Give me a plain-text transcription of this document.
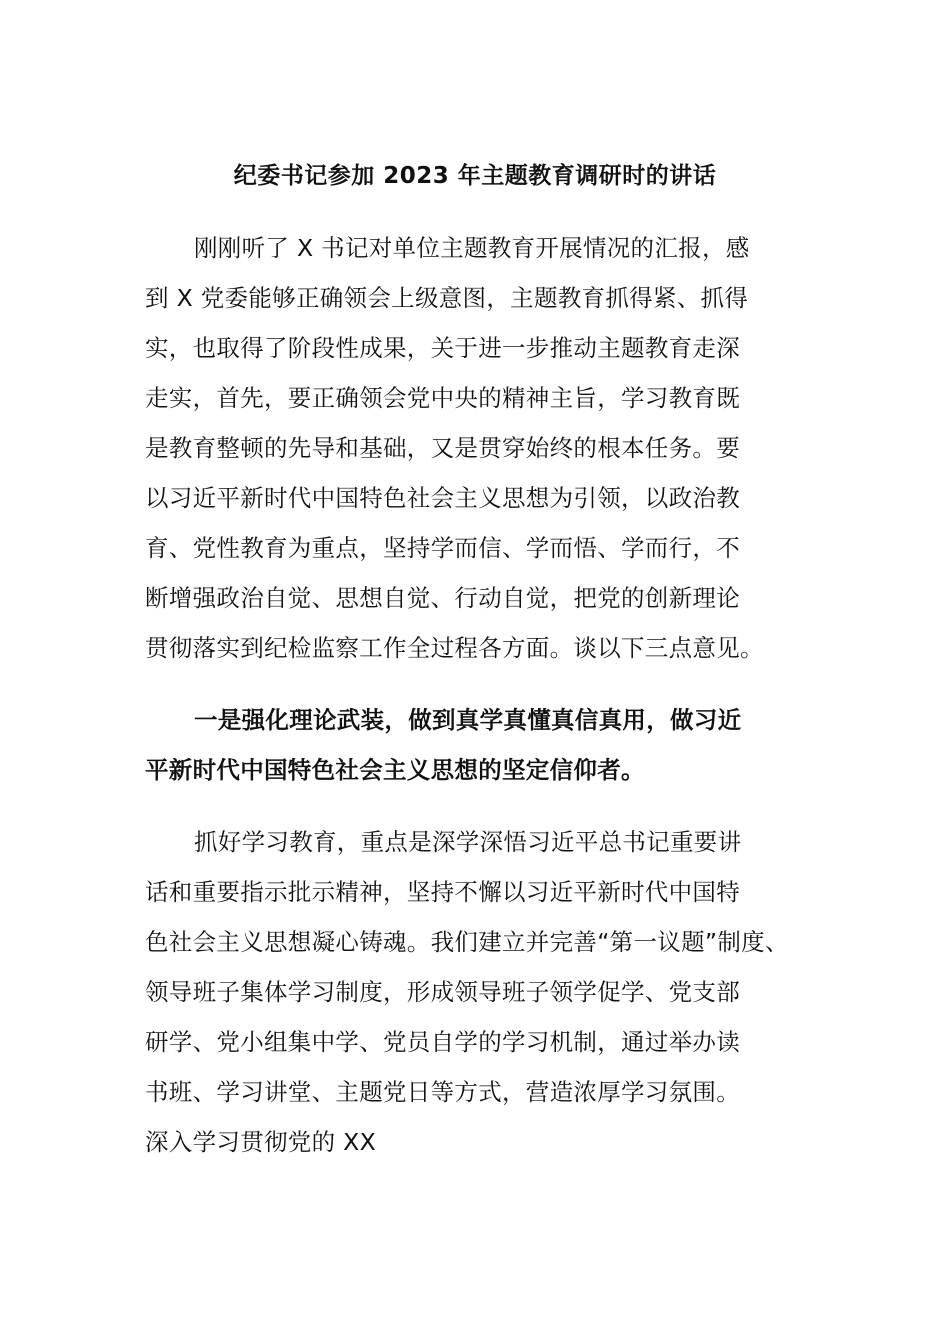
纪委书记参加 2023 年主题教育调研时的讲话
刚刚听了 X 书记对单位主题教育开展情况的汇报，感
到 X 党委能够正确领会上级意图，主题教育抓得紧、抓得
实，也取得了阶段性成果，关于进一步推动主题教育走深
走实，首先，要正确领会党中央的精神主旨，学习教育既
是教育整顿的先导和基础，又是贯穿始终的根本任务。要
以习近平新时代中国特色社会主义思想为引领，以政治教
育、党性教育为重点，坚持学而信、学而悟、学而行，不
断增强政治自觉、思想自觉、行动自觉，把党的创新理论
贯彻落实到纪检监察工作全过程各方面。谈以下三点意见。
一是强化理论武装，做到真学真懂真信真用，做习近
平新时代中国特色社会主义思想的坚定信仰者。
抓好学习教育，重点是深学深悟习近平总书记重要讲
话和重要指示批示精神，坚持不懈以习近平新时代中国特
色社会主义思想凝心铸魂。我们建立并完善“第一议题”制度、
领导班子集体学习制度，形成领导班子领学促学、党支部
研学、党小组集中学、党员自学的学习机制，通过举办读
书班、学习讲堂、主题党日等方式，营造浓厚学习氛围。
深入学习贯彻党的 XX
